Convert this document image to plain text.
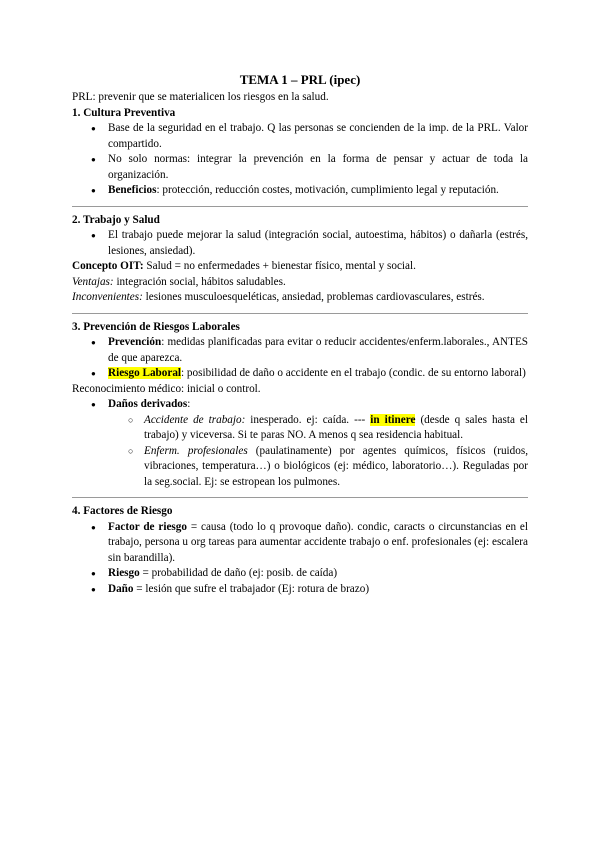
TEMA 1 – PRL (ipec)
PRL: prevenir que se materialicen los riesgos en la salud.
1. Cultura Preventiva
● Base de la seguridad en el trabajo. Q las personas se concienden de la imp. de la PRL. Valor compartido.
● No solo normas: integrar la prevención en la forma de pensar y actuar de toda la organización.
● Beneficios: protección, reducción costes, motivación, cumplimiento legal y reputación.
2. Trabajo y Salud
● El trabajo puede mejorar la salud (integración social, autoestima, hábitos) o dañarla (estrés, lesiones, ansiedad).
Concepto OIT: Salud = no enfermedades + bienestar físico, mental y social.
Ventajas: integración social, hábitos saludables.
Inconvenientes: lesiones musculoesqueléticas, ansiedad, problemas cardiovasculares, estrés.
3. Prevención de Riesgos Laborales
● Prevención: medidas planificadas para evitar o reducir accidentes/enferm.laborales., ANTES de que aparezca.
● Riesgo Laboral: posibilidad de daño o accidente en el trabajo (condic. de su entorno laboral)
Reconocimiento médico: inicial o control.
● Daños derivados:
○ Accidente de trabajo: inesperado. ej: caída. --- in itinere (desde q sales hasta el trabajo) y viceversa. Si te paras NO. A menos q sea residencia habitual.
○ Enferm. profesionales (paulatinamente) por agentes químicos, físicos (ruidos, vibraciones, temperatura…) o biológicos (ej: médico, laboratorio…). Reguladas por la seg.social. Ej: se estropean los pulmones.
4. Factores de Riesgo
● Factor de riesgo = causa (todo lo q provoque daño). condic, caracts o circunstancias en el trabajo, persona u org tareas para aumentar accidente trabajo o enf. profesionales (ej: escalera sin barandilla).
● Riesgo = probabilidad de daño (ej: posib. de caída)
● Daño = lesión que sufre el trabajador (Ej: rotura de brazo)
